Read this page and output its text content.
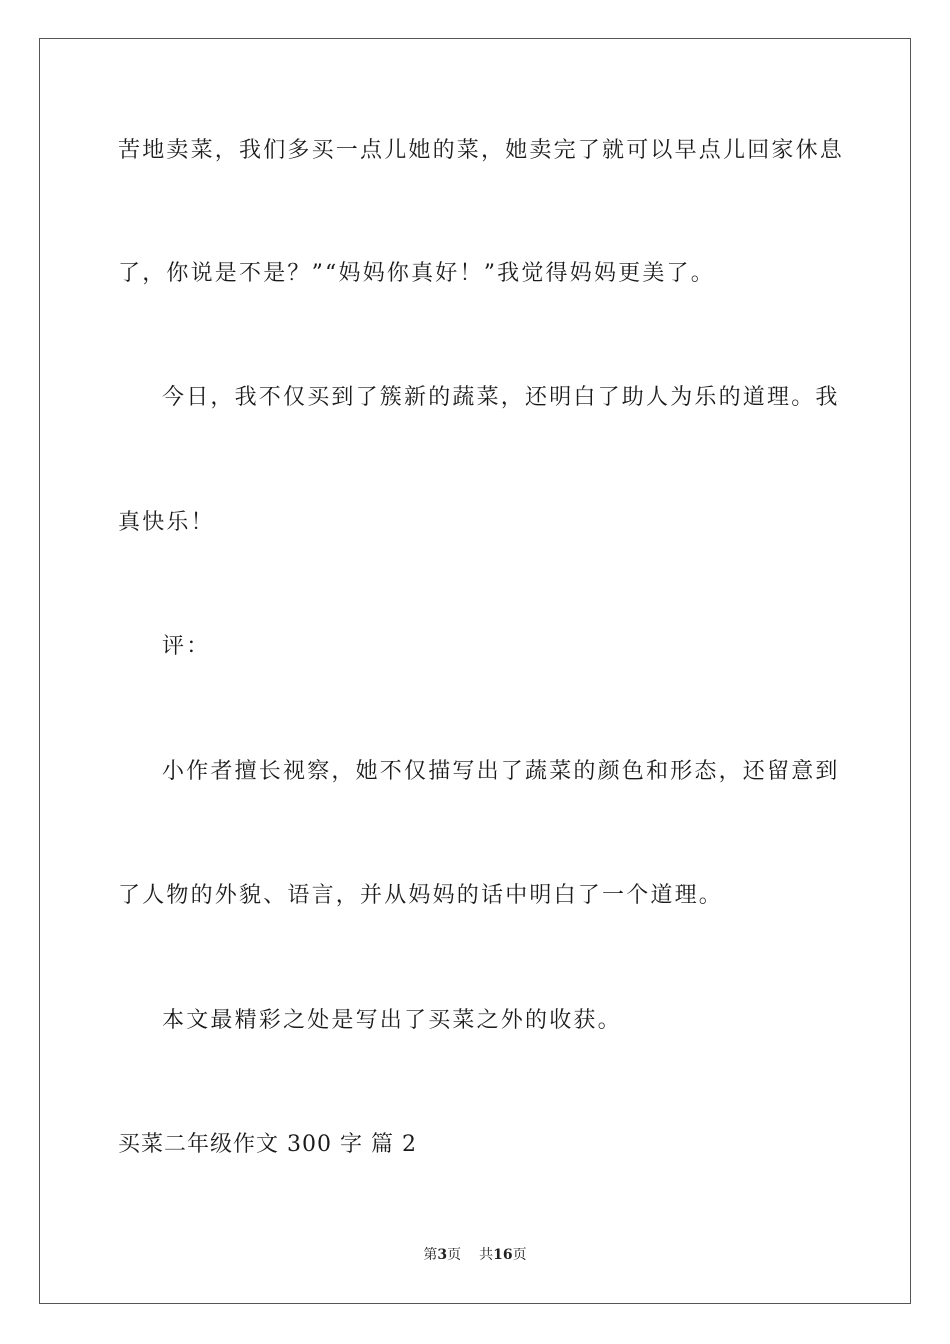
苦地卖菜，我们多买一点儿她的菜，她卖完了就可以早点儿回家休息
了，你说是不是？”“妈妈你真好！”我觉得妈妈更美了。
今日，我不仅买到了簇新的蔬菜，还明白了助人为乐的道理。我
真快乐！
评：
小作者擅长视察，她不仅描写出了蔬菜的颜色和形态，还留意到
了人物的外貌、语言，并从妈妈的话中明白了一个道理。
本文最精彩之处是写出了买菜之外的收获。
买菜二年级作文 300 字 篇 2
第3页 共16页
